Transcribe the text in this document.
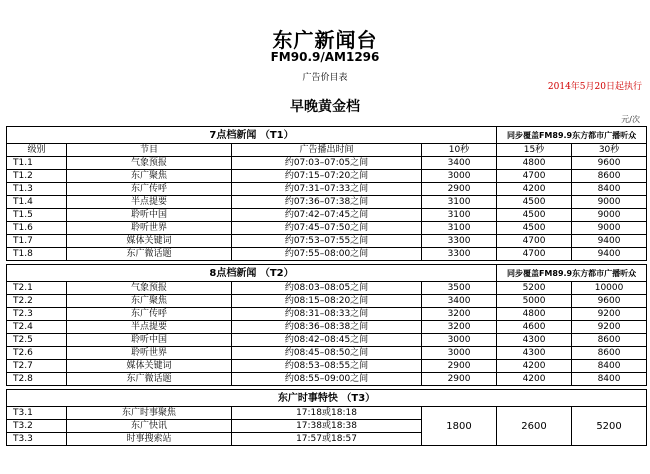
东广新闻台
FM90.9/AM1296
广告价目表
2014年5月20日起执行
早晚黄金档
元/次
7点档新闻 （T1）				同步覆盖FM89.9东方都市广播听众	
级别	节目	广告播出时间	10秒	15秒	30秒
T1.1	气象预报	约07:03–07:05之间	3400	4800	9600
T1.2	东广聚焦	约07:15–07:20之间	3000	4700	8600
T1.3	东广传呼	约07:31–07:33之间	2900	4200	8400
T1.4	半点提要	约07:36–07:38之间	3100	4500	9000
T1.5	聆听中国	约07:42–07:45之间	3100	4500	9000
T1.6	聆听世界	约07:45–07:50之间	3100	4500	9000
T1.7	媒体关键词	约07:53–07:55之间	3300	4700	9400
T1.8	东广微话题	约07:55–08:00之间	3300	4700	9400

8点档新闻 （T2）				同步覆盖FM89.9东方都市广播听众	
T2.1	气象预报	约08:03–08:05之间	3500	5200	10000
T2.2	东广聚焦	约08:15–08:20之间	3400	5000	9600
T2.3	东广传呼	约08:31–08:33之间	3200	4800	9200
T2.4	半点提要	约08:36–08:38之间	3200	4600	9200
T2.5	聆听中国	约08:42–08:45之间	3000	4300	8600
T2.6	聆听世界	约08:45–08:50之间	3000	4300	8600
T2.7	媒体关键词	约08:53–08:55之间	2900	4200	8400
T2.8	东广微话题	约08:55–09:00之间	2900	4200	8400

东广时事特快 （T3）					
T3.1	东广时事聚焦	17:18或18:18	1800	2600	5200
T3.2	东广快讯	17:38或18:38			
T3.3	时事搜索站	17:57或18:57			
